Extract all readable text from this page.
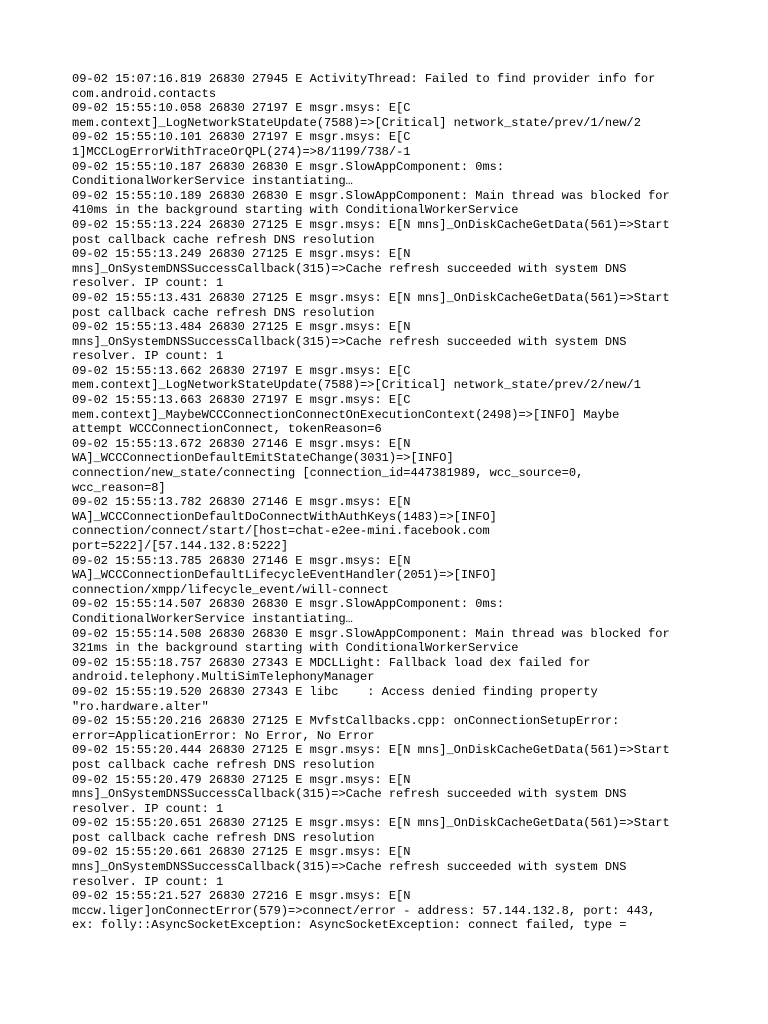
09-02 15:07:16.819 26830 27945 E ActivityThread: Failed to find provider info for
com.android.contacts
09-02 15:55:10.058 26830 27197 E msgr.msys: E[C
mem.context]_LogNetworkStateUpdate(7588)=>[Critical] network_state/prev/1/new/2
09-02 15:55:10.101 26830 27197 E msgr.msys: E[C
1]MCCLogErrorWithTraceOrQPL(274)=>8/1199/738/-1
09-02 15:55:10.187 26830 26830 E msgr.SlowAppComponent: 0ms:
ConditionalWorkerService instantiating…
09-02 15:55:10.189 26830 26830 E msgr.SlowAppComponent: Main thread was blocked for
410ms in the background starting with ConditionalWorkerService
09-02 15:55:13.224 26830 27125 E msgr.msys: E[N mns]_OnDiskCacheGetData(561)=>Start
post callback cache refresh DNS resolution
09-02 15:55:13.249 26830 27125 E msgr.msys: E[N
mns]_OnSystemDNSSuccessCallback(315)=>Cache refresh succeeded with system DNS
resolver. IP count: 1
09-02 15:55:13.431 26830 27125 E msgr.msys: E[N mns]_OnDiskCacheGetData(561)=>Start
post callback cache refresh DNS resolution
09-02 15:55:13.484 26830 27125 E msgr.msys: E[N
mns]_OnSystemDNSSuccessCallback(315)=>Cache refresh succeeded with system DNS
resolver. IP count: 1
09-02 15:55:13.662 26830 27197 E msgr.msys: E[C
mem.context]_LogNetworkStateUpdate(7588)=>[Critical] network_state/prev/2/new/1
09-02 15:55:13.663 26830 27197 E msgr.msys: E[C
mem.context]_MaybeWCCConnectionConnectOnExecutionContext(2498)=>[INFO] Maybe
attempt WCCConnectionConnect, tokenReason=6
09-02 15:55:13.672 26830 27146 E msgr.msys: E[N
WA]_WCCConnectionDefaultEmitStateChange(3031)=>[INFO]
connection/new_state/connecting [connection_id=447381989, wcc_source=0,
wcc_reason=8]
09-02 15:55:13.782 26830 27146 E msgr.msys: E[N
WA]_WCCConnectionDefaultDoConnectWithAuthKeys(1483)=>[INFO]
connection/connect/start/[host=chat-e2ee-mini.facebook.com
port=5222]/[57.144.132.8:5222]
09-02 15:55:13.785 26830 27146 E msgr.msys: E[N
WA]_WCCConnectionDefaultLifecycleEventHandler(2051)=>[INFO]
connection/xmpp/lifecycle_event/will-connect
09-02 15:55:14.507 26830 26830 E msgr.SlowAppComponent: 0ms:
ConditionalWorkerService instantiating…
09-02 15:55:14.508 26830 26830 E msgr.SlowAppComponent: Main thread was blocked for
321ms in the background starting with ConditionalWorkerService
09-02 15:55:18.757 26830 27343 E MDCLLight: Fallback load dex failed for
android.telephony.MultiSimTelephonyManager
09-02 15:55:19.520 26830 27343 E libc    : Access denied finding property
"ro.hardware.alter"
09-02 15:55:20.216 26830 27125 E MvfstCallbacks.cpp: onConnectionSetupError:
error=ApplicationError: No Error, No Error
09-02 15:55:20.444 26830 27125 E msgr.msys: E[N mns]_OnDiskCacheGetData(561)=>Start
post callback cache refresh DNS resolution
09-02 15:55:20.479 26830 27125 E msgr.msys: E[N
mns]_OnSystemDNSSuccessCallback(315)=>Cache refresh succeeded with system DNS
resolver. IP count: 1
09-02 15:55:20.651 26830 27125 E msgr.msys: E[N mns]_OnDiskCacheGetData(561)=>Start
post callback cache refresh DNS resolution
09-02 15:55:20.661 26830 27125 E msgr.msys: E[N
mns]_OnSystemDNSSuccessCallback(315)=>Cache refresh succeeded with system DNS
resolver. IP count: 1
09-02 15:55:21.527 26830 27216 E msgr.msys: E[N
mccw.liger]onConnectError(579)=>connect/error - address: 57.144.132.8, port: 443,
ex: folly::AsyncSocketException: AsyncSocketException: connect failed, type =
